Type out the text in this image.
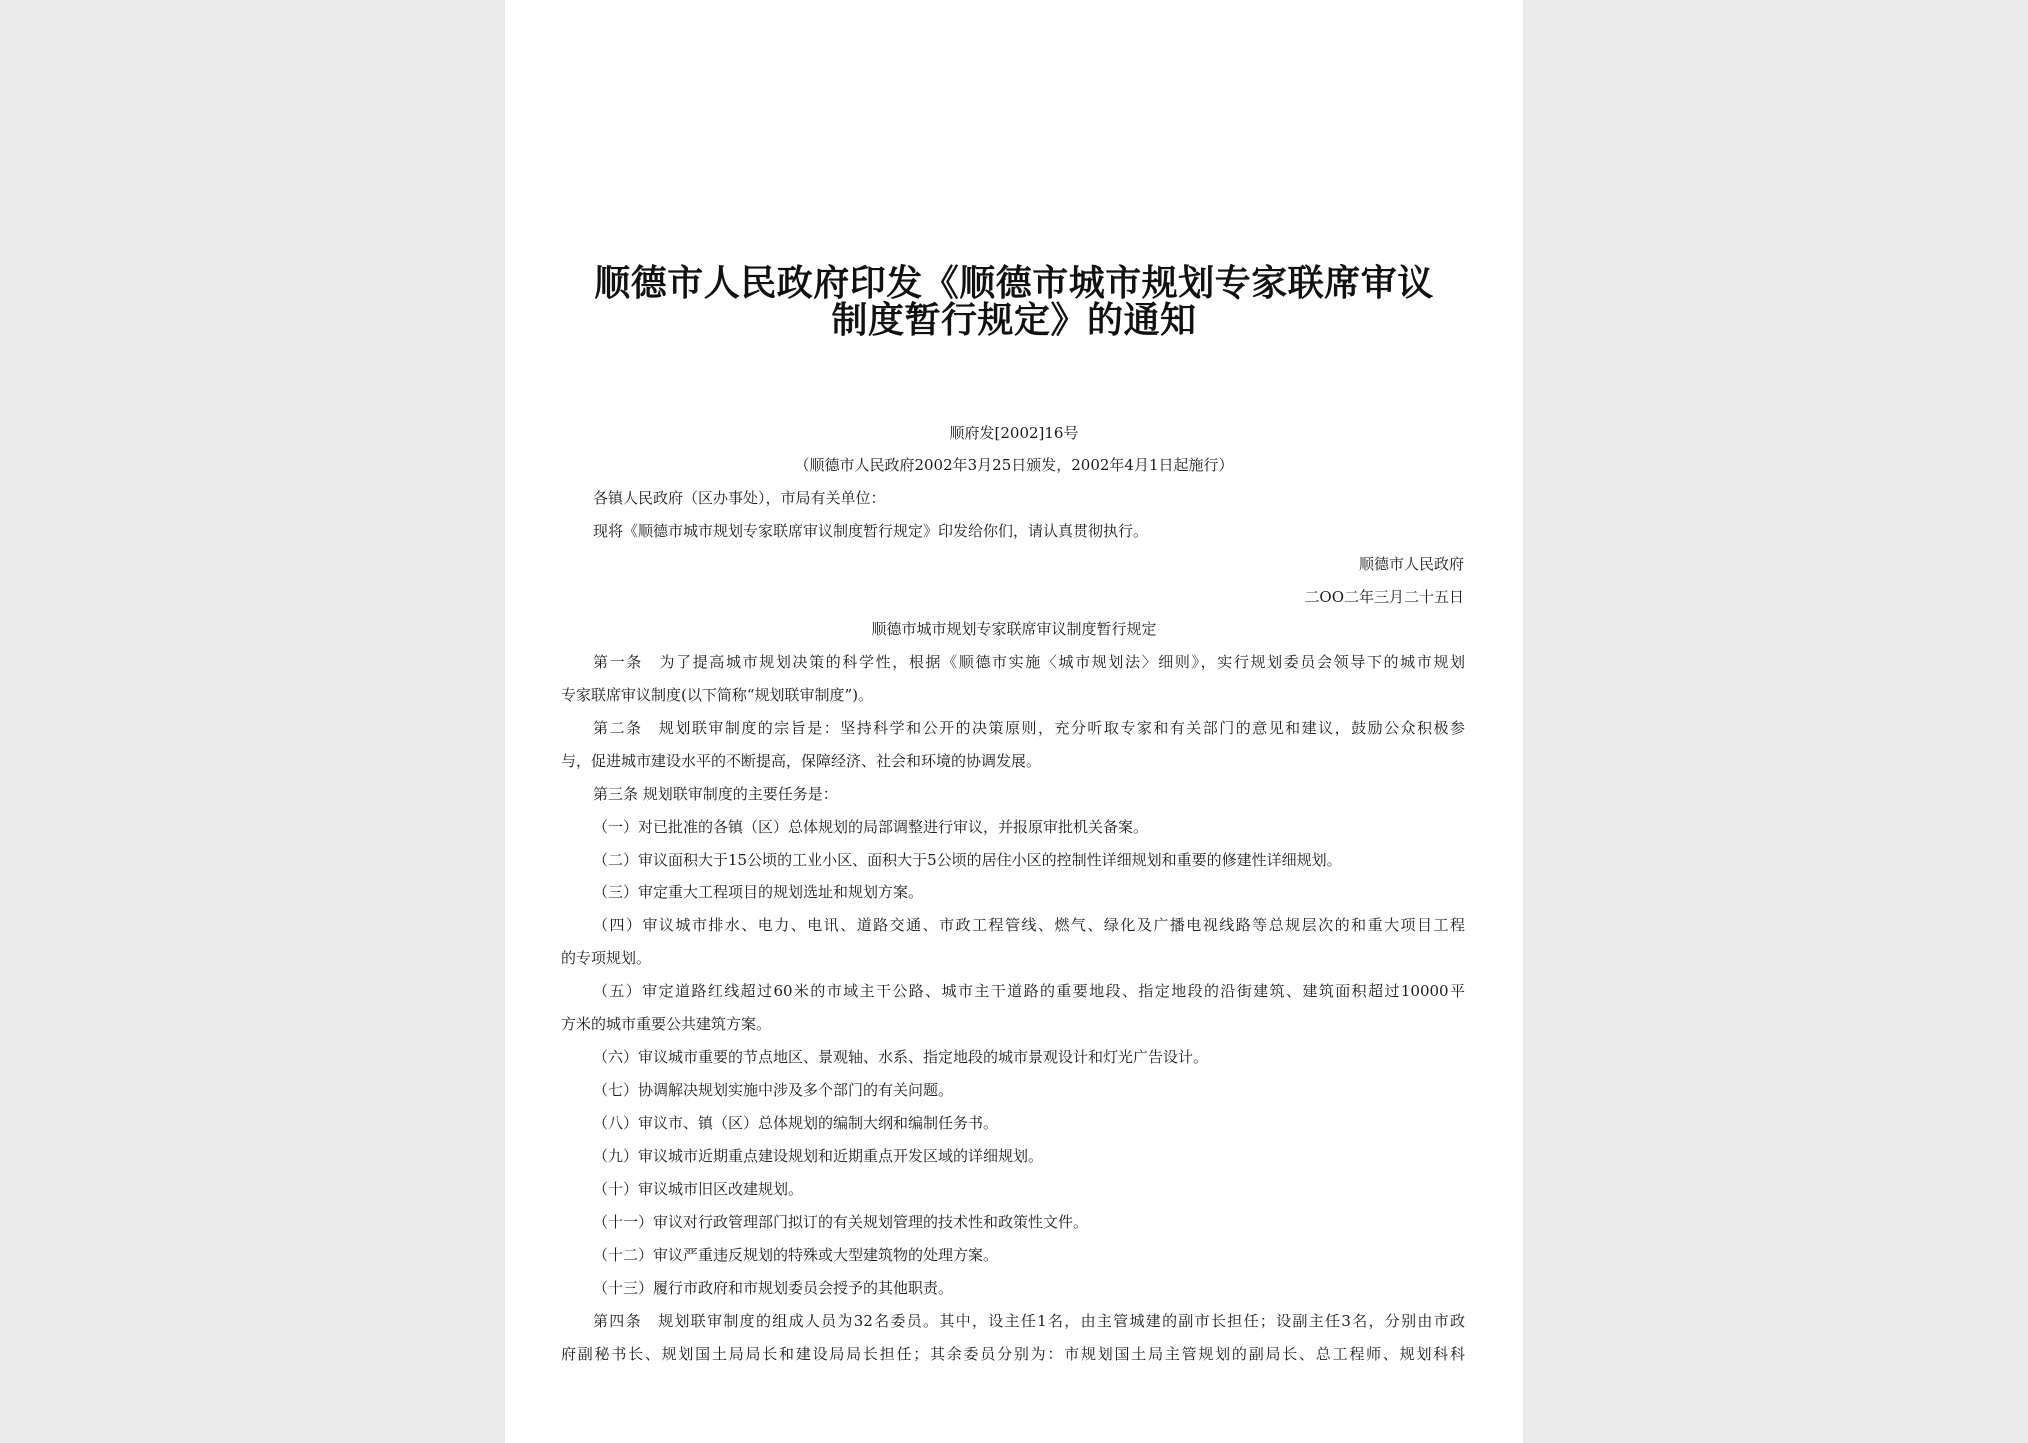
顺德市人民政府印发《顺德市城市规划专家联席审议
制度暂行规定》的通知
顺府发[2002]16号
（顺德市人民政府2002年3月25日颁发，2002年4月1日起施行）
各镇人民政府（区办事处），市局有关单位：
现将《顺德市城市规划专家联席审议制度暂行规定》印发给你们，请认真贯彻执行。
顺德市人民政府
二OO二年三月二十五日
顺德市城市规划专家联席审议制度暂行规定
第一条　为了提高城市规划决策的科学性，根据《顺德市实施〈城市规划法〉细则》，实行规划委员会领导下的城市规划
专家联席审议制度(以下简称“规划联审制度”)。
第二条　规划联审制度的宗旨是：坚持科学和公开的决策原则，充分听取专家和有关部门的意见和建议，鼓励公众积极参
与，促进城市建设水平的不断提高，保障经济、社会和环境的协调发展。
第三条 规划联审制度的主要任务是：
（一）对已批准的各镇（区）总体规划的局部调整进行审议，并报原审批机关备案。
（二）审议面积大于15公顷的工业小区、面积大于5公顷的居住小区的控制性详细规划和重要的修建性详细规划。
（三）审定重大工程项目的规划选址和规划方案。
（四）审议城市排水、电力、电讯、道路交通、市政工程管线、燃气、绿化及广播电视线路等总规层次的和重大项目工程
的专项规划。
（五）审定道路红线超过60米的市域主干公路、城市主干道路的重要地段、指定地段的沿街建筑、建筑面积超过10000平
方米的城市重要公共建筑方案。
（六）审议城市重要的节点地区、景观轴、水系、指定地段的城市景观设计和灯光广告设计。
（七）协调解决规划实施中涉及多个部门的有关问题。
（八）审议市、镇（区）总体规划的编制大纲和编制任务书。
（九）审议城市近期重点建设规划和近期重点开发区域的详细规划。
（十）审议城市旧区改建规划。
（十一）审议对行政管理部门拟订的有关规划管理的技术性和政策性文件。
（十二）审议严重违反规划的特殊或大型建筑物的处理方案。
（十三）履行市政府和市规划委员会授予的其他职责。
第四条　规划联审制度的组成人员为32名委员。其中，设主任1名，由主管城建的副市长担任；设副主任3名，分别由市政
府副秘书长、规划国土局局长和建设局局长担任；其余委员分别为：市规划国土局主管规划的副局长、总工程师、规划科科
